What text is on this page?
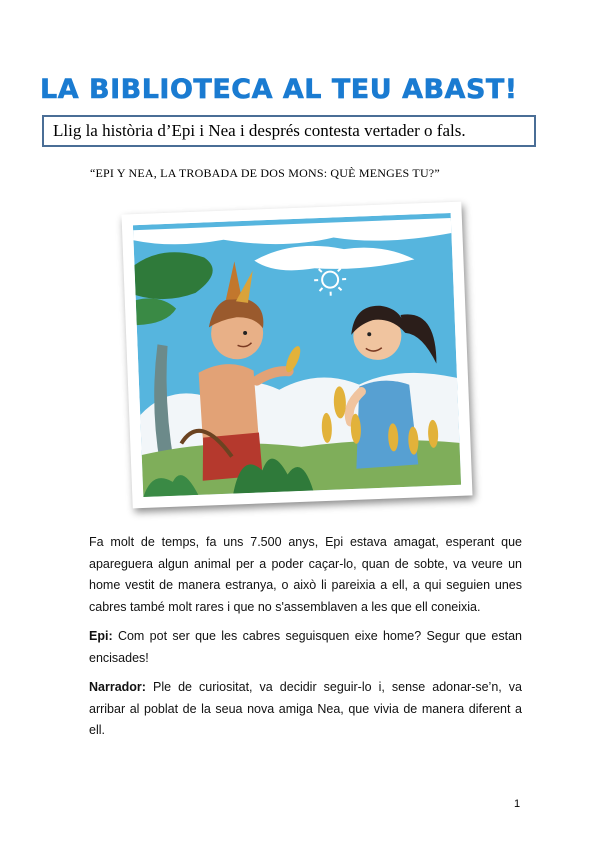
LA BIBLIOTECA AL TEU ABAST!
Llig la història d’Epi i Nea i després contesta vertader o fals.
“EPI Y NEA, LA TROBADA DE DOS MONS: QUÈ MENGES TU?”

Fa molt de temps, fa uns 7.500 anys, Epi estava amagat, esperant que apareguera algun animal per a poder caçar-lo, quan de sobte, va veure un home vestit de manera estranya, o això li pareixia a ell, a qui seguien unes cabres també molt rares i que no s'assemblaven a les que ell coneixia.

Epi: Com pot ser que les cabres seguisquen eixe home? Segur que estan encisades!

Narrador: Ple de curiositat, va decidir seguir-lo i, sense adonar-se’n, va arribar al poblat de la seua nova amiga Nea, que vivia de manera diferent a ell.

1
